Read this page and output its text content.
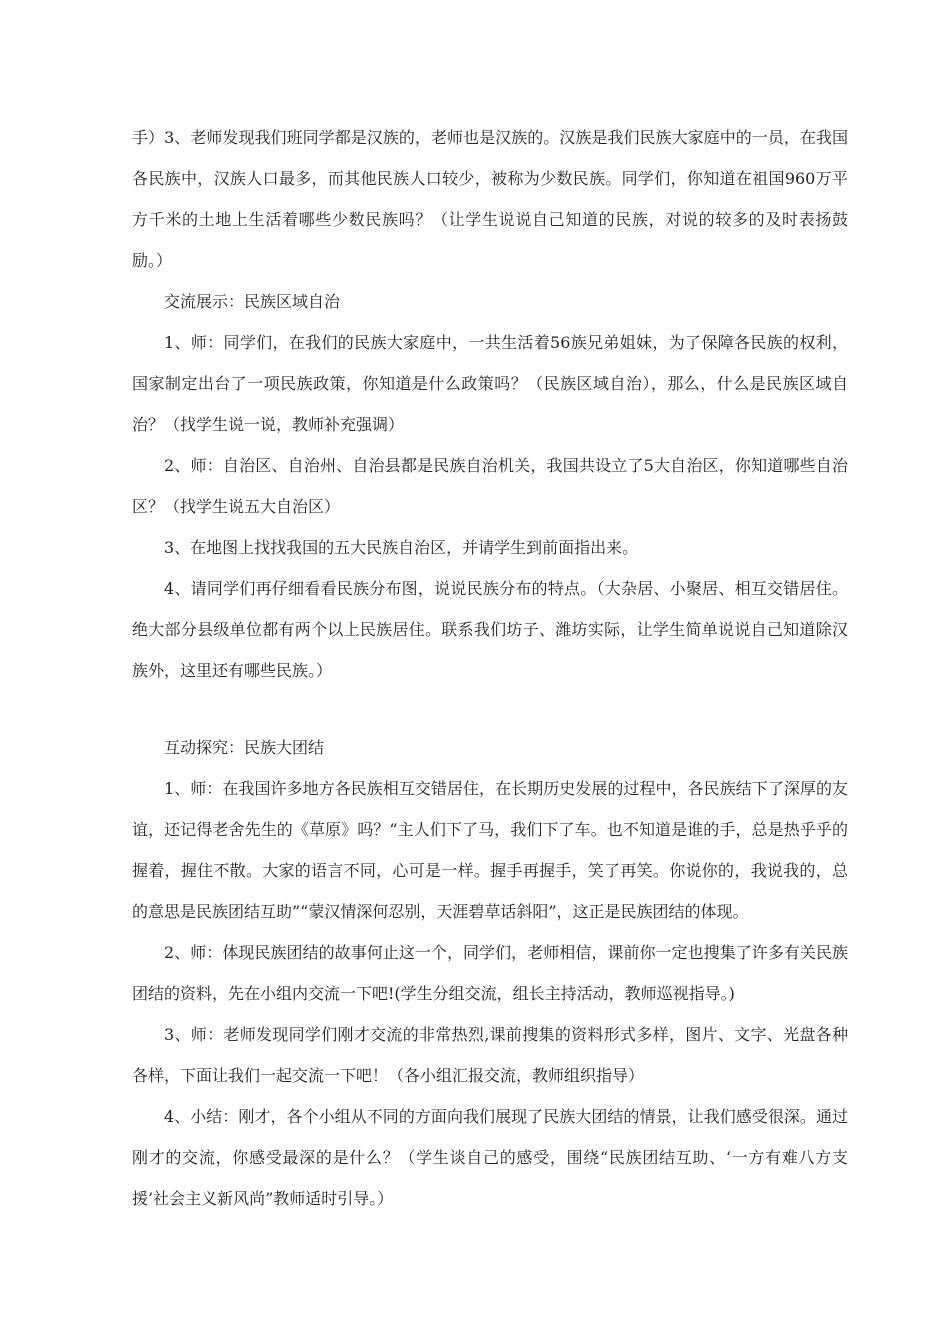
手）3、老师发现我们班同学都是汉族的，老师也是汉族的。汉族是我们民族大家庭中的一员，在我国各民族中，汉族人口最多，而其他民族人口较少，被称为少数民族。同学们，你知道在祖国960万平方千米的土地上生活着哪些少数民族吗？（让学生说说自己知道的民族，对说的较多的及时表扬鼓励。）

交流展示：民族区域自治

1、师：同学们，在我们的民族大家庭中，一共生活着56族兄弟姐妹，为了保障各民族的权利，国家制定出台了一项民族政策，你知道是什么政策吗？（民族区域自治），那么，什么是民族区域自治？（找学生说一说，教师补充强调）

2、师：自治区、自治州、自治县都是民族自治机关，我国共设立了5大自治区，你知道哪些自治区？（找学生说五大自治区）

3、在地图上找找我国的五大民族自治区，并请学生到前面指出来。

4、请同学们再仔细看看民族分布图，说说民族分布的特点。（大杂居、小聚居、相互交错居住。绝大部分县级单位都有两个以上民族居住。联系我们坊子、潍坊实际，让学生简单说说自己知道除汉族外，这里还有哪些民族。）

互动探究：民族大团结

1、师：在我国许多地方各民族相互交错居住，在长期历史发展的过程中，各民族结下了深厚的友谊，还记得老舍先生的《草原》吗？“主人们下了马，我们下了车。也不知道是谁的手，总是热乎乎的握着，握住不散。大家的语言不同，心可是一样。握手再握手，笑了再笑。你说你的，我说我的，总的意思是民族团结互助”“蒙汉情深何忍别，天涯碧草话斜阳”，这正是民族团结的体现。

2、师：体现民族团结的故事何止这一个，同学们，老师相信，课前你一定也搜集了许多有关民族团结的资料，先在小组内交流一下吧!(学生分组交流，组长主持活动，教师巡视指导。)

3、师：老师发现同学们刚才交流的非常热烈,课前搜集的资料形式多样，图片、文字、光盘各种各样，下面让我们一起交流一下吧！（各小组汇报交流，教师组织指导）

4、小结：刚才，各个小组从不同的方面向我们展现了民族大团结的情景，让我们感受很深。通过刚才的交流，你感受最深的是什么？（学生谈自己的感受，围绕“民族团结互助、‘一方有难八方支援’社会主义新风尚”教师适时引导。）
